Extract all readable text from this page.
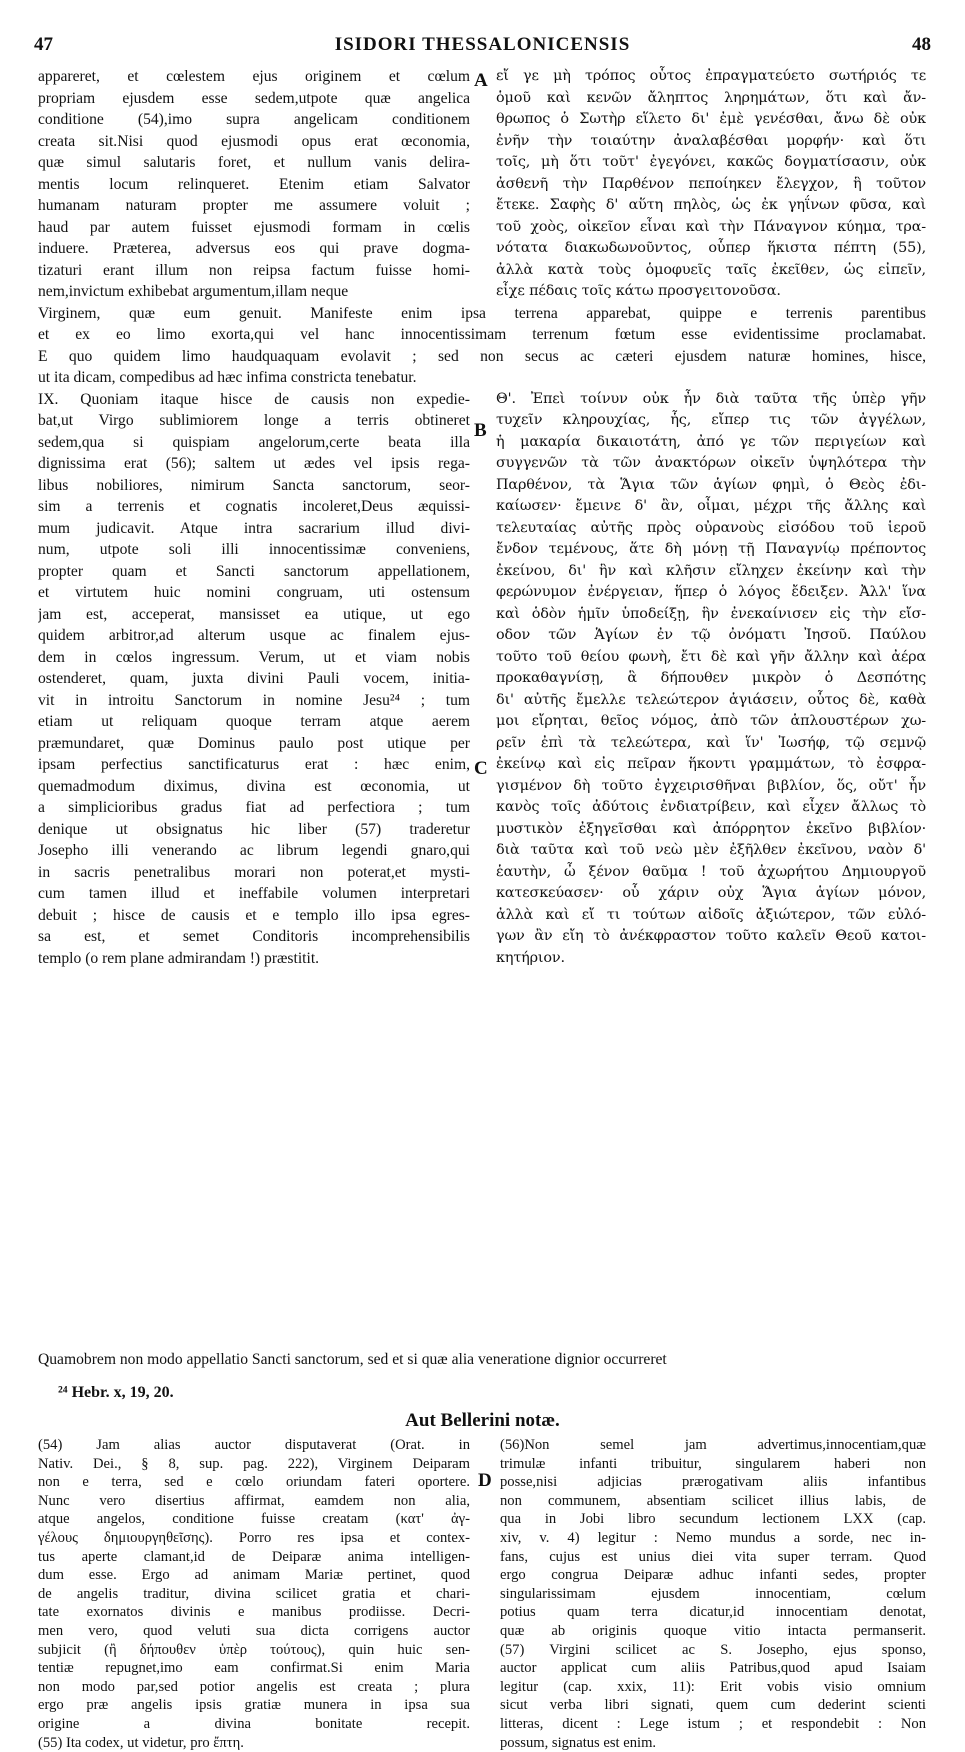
47	ISIDORI THESSALONICENSIS	48
appareret, et cœlestem ejus originem et cœlum
propriam ejusdem esse sedem,utpote quæ angelica
conditione (54),imo supra angelicam conditionem
creata sit.Nisi quod ejusmodi opus erat œconomia,
quæ simul salutaris foret, et nullum vanis delira-
mentis locum relinqueret. Etenim etiam Salvator
humanam naturam propter me assumere voluit ;
haud par autem fuisset ejusmodi formam in cœlis
induere. Præterea, adversus eos qui prave dogma-
tizaturi erant illum non reipsa factum fuisse homi-
nem,invictum exhibebat argumentum,illam neque
εἴ γε μὴ τρόπος οὗτος ἐπραγματεύετο σωτήριός τε
ὁμοῦ καὶ κενῶν ἄληπτος ληρημάτων, ὅτι καὶ ἄν-
θρωπος ὁ Σωτὴρ εἵλετο δι' ἐμὲ γενέσθαι, ἄνω δὲ οὐκ
ἐνῆν τὴν τοιαύτην ἀναλαβέσθαι μορφήν· καὶ ὅτι
τοῖς, μὴ ὅτι τοῦτ' ἐγεγόνει, κακῶς δογματίσασιν, οὐκ
ἀσθενῆ τὴν Παρθένον πεποίηκεν ἔλεγχον, ἣ τοῦτον
ἔτεκε. Σαφὴς δ' αὕτη πηλὸς, ὡς ἐκ γηΐνων φῦσα, καὶ
τοῦ χοὸς, οἰκεῖον εἶναι καὶ τὴν Πάναγνον κύημα, τρα-
νότατα διακωδωνοῦντος, οὗπερ ἥκιστα πέπτη (55),
ἀλλὰ κατὰ τοὺς ὁμοφυεῖς ταῖς ἐκεῖθεν, ὡς εἰπεῖν,
εἶχε πέδαις τοῖς κάτω προσγειτονοῦσα.
A
Virginem, quæ eum genuit. Manifeste enim ipsa terrena apparebat, quippe e terrenis parentibus
et ex eo limo exorta,qui vel hanc innocentissimam terrenum fœtum esse evidentissime proclamabat.
E quo quidem limo haudquaquam evolavit ; sed non secus ac cæteri ejusdem naturæ homines, hisce,
ut ita dicam, compedibus ad hæc infima constricta tenebatur.
IX. Quoniam itaque hisce de causis non expedie-
bat,ut Virgo sublimiorem longe a terris obtineret
sedem,qua si quispiam angelorum,certe beata illa
dignissima erat (56); saltem ut ædes vel ipsis rega-
libus nobiliores, nimirum Sancta sanctorum, seor-
sim a terrenis et cognatis incoleret,Deus æquissi-
mum judicavit. Atque intra sacrarium illud divi-
num, utpote soli illi innocentissimæ conveniens,
propter quam et Sancti sanctorum appellationem,
et virtutem huic nomini congruam, uti ostensum
jam est, acceperat, mansisset ea utique, ut ego
quidem arbitror,ad alterum usque ac finalem ejus-
dem in cœlos ingressum. Verum, ut et viam nobis
ostenderet, quam, juxta divini Pauli vocem, initia-
vit in introitu Sanctorum in nomine Jesu²⁴ ; tum
etiam ut reliquam quoque terram atque aerem
præmundaret, quæ Dominus paulo post utique per
ipsam perfectius sanctificaturus erat : hæc enim,
quemadmodum diximus, divina est œconomia, ut
a simplicioribus gradus fiat ad perfectiora ; tum
denique ut obsignatus hic liber (57) traderetur
Josepho illi venerando ac librum legendi gnaro,qui
in sacris penetralibus morari non poterat,et mysti-
cum tamen illud et ineffabile volumen interpretari
debuit ; hisce de causis et e templo illo ipsa egres-
sa est, et semet Conditoris incomprehensibilis
templo (o rem plane admirandam !) præstitit.
Θ'. Ἐπεὶ τοίνυν οὐκ ἦν διὰ ταῦτα τῆς ὑπὲρ γῆν
τυχεῖν κληρουχίας, ἧς, εἴπερ τις τῶν ἀγγέλων,
ἡ μακαρία δικαιοτάτη, ἀπό γε τῶν περιγείων καὶ
συγγενῶν τὰ τῶν ἀνακτόρων οἰκεῖν ὑψηλότερα τὴν
Παρθένον, τὰ Ἅγια τῶν ἁγίων φημὶ, ὁ Θεὸς ἐδι-
καίωσεν· ἔμεινε δ' ἂν, οἶμαι, μέχρι τῆς ἄλλης καὶ
τελευταίας αὐτῆς πρὸς οὐρανοὺς εἰσόδου τοῦ ἱεροῦ
ἔνδον τεμένους, ἅτε δὴ μόνῃ τῇ Παναγνίῳ πρέποντος
ἐκείνου, δι' ἣν καὶ κλῆσιν εἴληχεν ἐκείνην καὶ τὴν
φερώνυμον ἐνέργειαν, ἥπερ ὁ λόγος ἔδειξεν. Ἀλλ' ἵνα
καὶ ὁδὸν ἡμῖν ὑποδείξῃ, ἣν ἐνεκαίνισεν εἰς τὴν εἴσ-
οδον τῶν Ἁγίων ἐν τῷ ὀνόματι Ἰησοῦ. Παύλου
τοῦτο τοῦ θείου φωνὴ, ἔτι δὲ καὶ γῆν ἄλλην καὶ ἀέρα
προκαθαγνίσῃ, ἃ δήπουθεν μικρὸν ὁ Δεσπότης
δι' αὐτῆς ἔμελλε τελεώτερον ἁγιάσειν, οὗτος δὲ, καθὰ
μοι εἴρηται, θεῖος νόμος, ἀπὸ τῶν ἁπλουστέρων χω-
ρεῖν ἐπὶ τὰ τελεώτερα, καὶ ἵν' Ἰωσήφ, τῷ σεμνῷ
ἐκείνῳ καὶ εἰς πεῖραν ἥκοντι γραμμάτων, τὸ ἐσφρα-
γισμένον δὴ τοῦτο ἐγχειρισθῆναι βιβλίον, ὅς, οὔτ' ἦν
κανὸς τοῖς ἀδύτοις ἐνδιατρίβειν, καὶ εἶχεν ἄλλως τὸ
μυστικὸν ἐξηγεῖσθαι καὶ ἀπόρρητον ἐκεῖνο βιβλίον·
διὰ ταῦτα καὶ τοῦ νεὼ μὲν ἐξῆλθεν ἐκεῖνου, ναὸν δ'
ἑαυτὴν, ὦ ξένον θαῦμα ! τοῦ ἀχωρήτου Δημιουργοῦ
κατεσκεύασεν· οὗ χάριν οὐχ Ἅγια ἁγίων μόνον,
ἀλλὰ καὶ εἴ τι τούτων αἰδοῖς ἀξιώτερον, τῶν εὐλό-
γων ἂν εἴη τὸ ἀνέκφραστον τοῦτο καλεῖν Θεοῦ κατοι-
κητήριον.
B
C
Quamobrem non modo appellatio Sancti sanctorum, sed et si quæ alia veneratione dignior occurreret
²⁴ Hebr. x, 19, 20.
Aut Bellerini notæ.
(54) Jam alias auctor disputaverat (Orat. in
Nativ. Dei., § 8, sup. pag. 222), Virginem Deiparam
non e terra, sed e cœlo oriundam fateri oportere.
Nunc vero disertius affirmat, eamdem non alia,
atque angelos, conditione fuisse creatam (κατ' ἀγ-
γέλους δημιουργηθεῖσης). Porro res ipsa et contex-
tus aperte clamant,id de Deiparæ anima intelligen-
dum esse. Ergo ad animam Mariæ pertinet, quod
de angelis traditur, divina scilicet gratia et chari-
tate exornatos divinis e manibus prodiisse. Decri-
men vero, quod veluti sua dicta corrigens auctor
subjicit (ἢ δήπουθεν ὑπὲρ τούτους), quin huic sen-
tentiæ repugnet,imo eam confirmat.Si enim Maria
non modo par,sed potior angelis est creata ; plura
ergo præ angelis ipsis gratiæ munera in ipsa sua
origine a divina bonitate recepit.
(55) Ita codex, ut videtur, pro ἔπτη.
(56)Non semel jam advertimus,innocentiam,quæ
trimulæ infanti tribuitur, singularem haberi non
posse,nisi adjicias prærogativam aliis infantibus
non communem, absentiam scilicet illius labis, de
qua in Jobi libro secundum lectionem LXX (cap.
xiv, v. 4) legitur : Nemo mundus a sorde, nec in-
fans, cujus est unius diei vita super terram. Quod
ergo congrua Deiparæ adhuc infanti sedes, propter
singularissimam ejusdem innocentiam, cœlum
potius quam terra dicatur,id innocentiam denotat,
quæ ab originis quoque vitio intacta permanserit.
(57) Virgini scilicet ac S. Josepho, ejus sponso,
auctor applicat cum aliis Patribus,quod apud Isaiam
legitur (cap. xxix, 11): Erit vobis visio omnium
sicut verba libri signati, quem cum dederint scienti
litteras, dicent : Lege istum ; et respondebit : Non
possum, signatus est enim.
D
